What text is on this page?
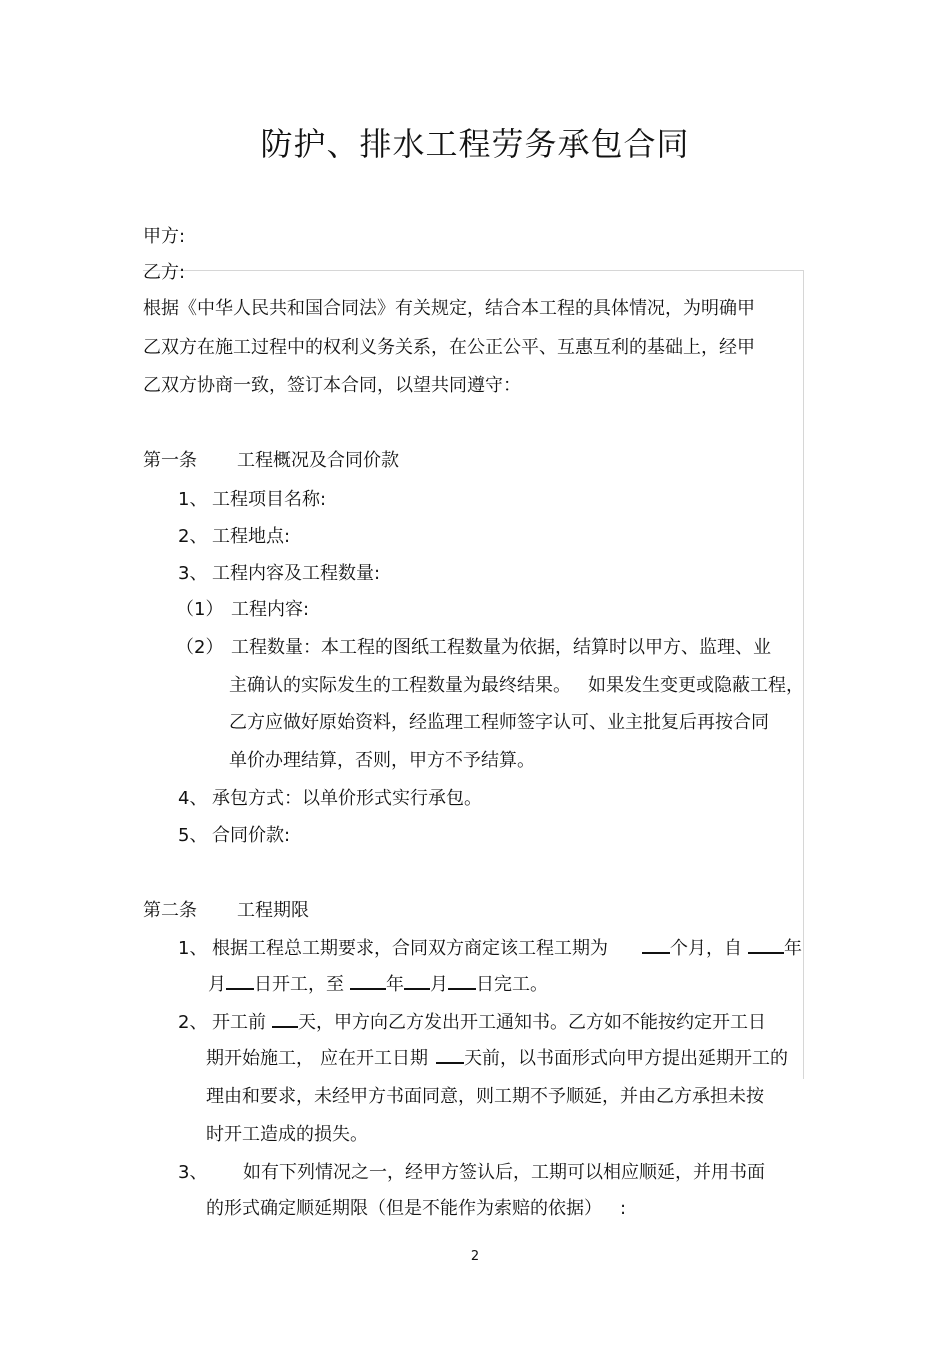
防护、排水工程劳务承包合同
甲方:
乙方:
根据《中华人民共和国合同法》有关规定，结合本工程的具体情况，为明确甲
乙双方在施工过程中的权利义务关系，在公正公平、互惠互利的基础上，经甲
乙双方协商一致，签订本合同，以望共同遵守：
第一条 工程概况及合同价款
1、 工程项目名称:
2、 工程地点:
3、 工程内容及工程数量:
（1） 工程内容:
（2） 工程数量：本工程的图纸工程数量为依据，结算时以甲方、监理、业
主确认的实际发生的工程数量为最终结果。 如果发生变更或隐蔽工程，
乙方应做好原始资料，经监理工程师签字认可、业主批复后再按合同
单价办理结算，否则，甲方不予结算。
4、 承包方式：以单价形式实行承包。
5、 合同价款:
第二条 工程期限
1、 根据工程总工期要求，合同双方商定该工程工期为	个月，自 年
月 日开工，至 年 月 日完工。
2、 开工前 天，甲方向乙方发出开工通知书。乙方如不能按约定开工日
期开始施工， 应在开工日期 天前，以书面形式向甲方提出延期开工的
理由和要求，未经甲方书面同意，则工期不予顺延，并由乙方承担未按
时开工造成的损失。
3、 如有下列情况之一，经甲方签认后，工期可以相应顺延，并用书面
的形式确定顺延期限（但是不能作为索赔的依据） :
2
